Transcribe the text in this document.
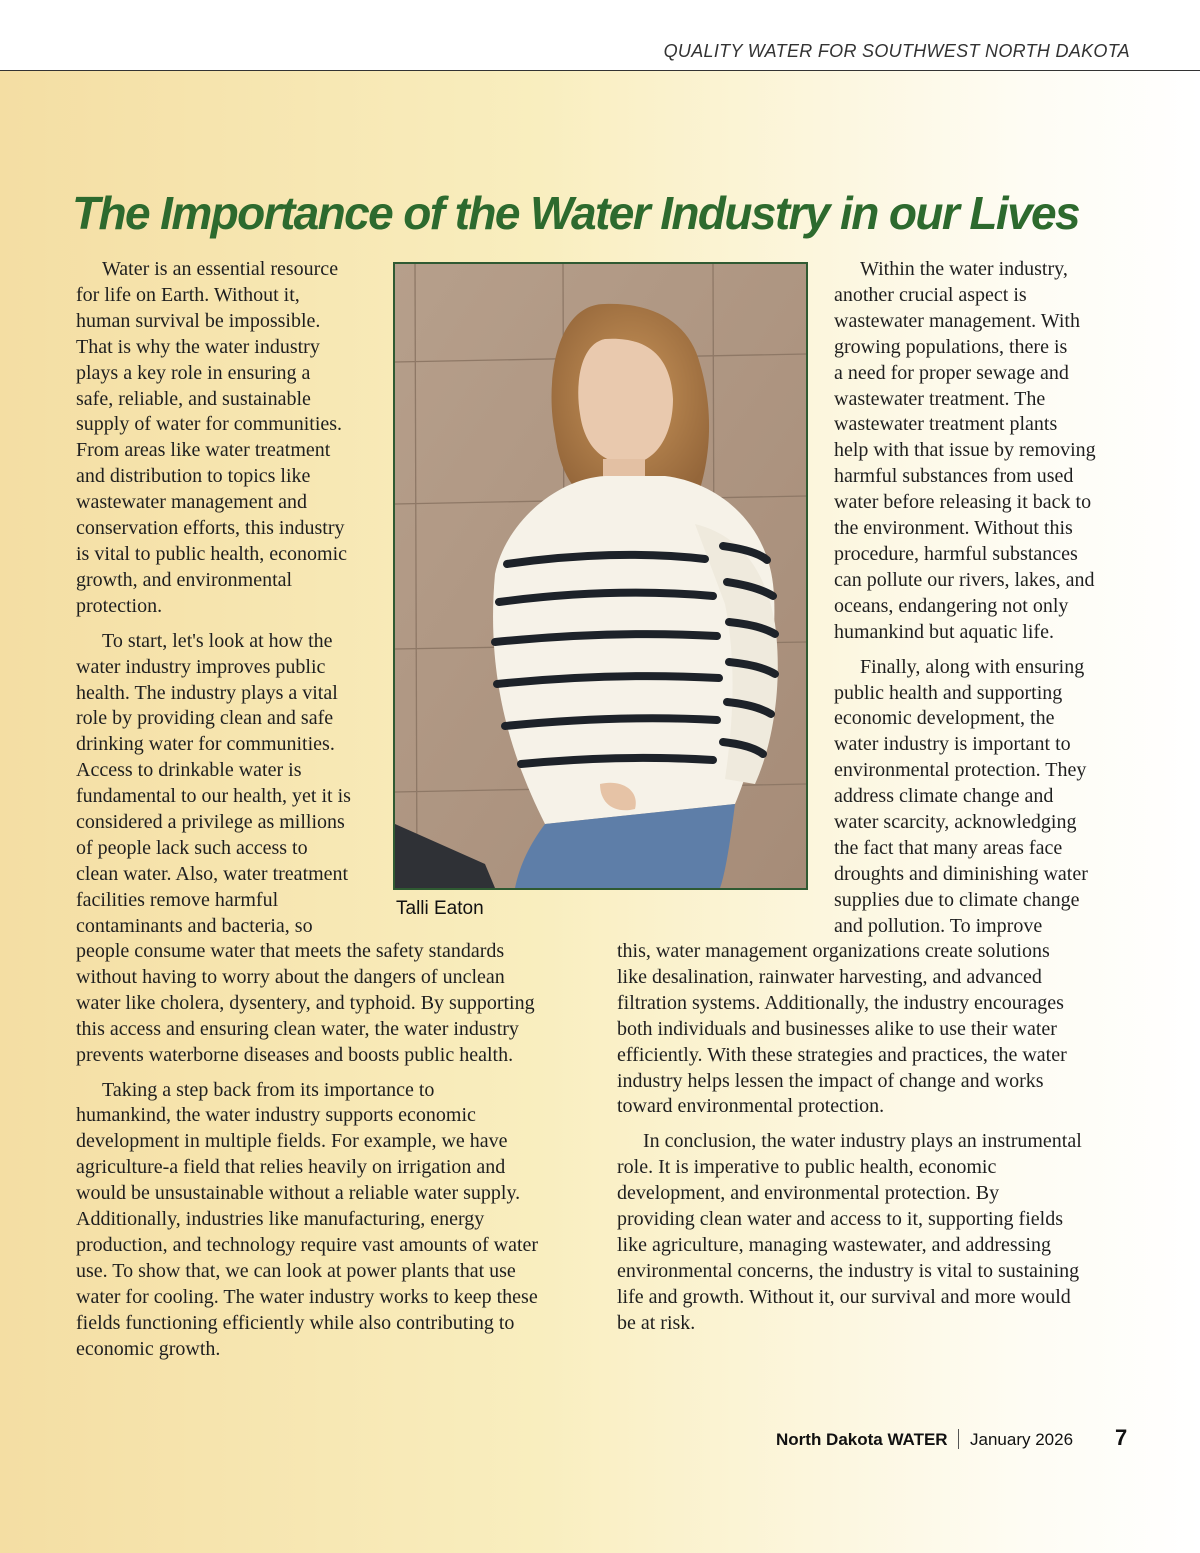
QUALITY WATER FOR SOUTHWEST NORTH DAKOTA
The Importance of the Water Industry in our Lives

Water is an essential resource
for life on Earth. Without it,
human survival be impossible.
That is why the water industry
plays a key role in ensuring a
safe, reliable, and sustainable
supply of water for communities.
From areas like water treatment
and distribution to topics like
wastewater management and
conservation efforts, this industry
is vital to public health, economic
growth, and environmental
protection.

To start, let's look at how the
water industry improves public
health. The industry plays a vital
role by providing clean and safe
drinking water for communities.
Access to drinkable water is
fundamental to our health, yet it is
considered a privilege as millions
of people lack such access to
clean water. Also, water treatment
facilities remove harmful
contaminants and bacteria, so

Talli Eaton

Within the water industry,
another crucial aspect is
wastewater management. With
growing populations, there is
a need for proper sewage and
wastewater treatment. The
wastewater treatment plants
help with that issue by removing
harmful substances from used
water before releasing it back to
the environment. Without this
procedure, harmful substances
can pollute our rivers, lakes, and
oceans, endangering not only
humankind but aquatic life.

Finally, along with ensuring
public health and supporting
economic development, the
water industry is important to
environmental protection. They
address climate change and
water scarcity, acknowledging
the fact that many areas face
droughts and diminishing water
supplies due to climate change
and pollution. To improve

people consume water that meets the safety standards
without having to worry about the dangers of unclean
water like cholera, dysentery, and typhoid. By supporting
this access and ensuring clean water, the water industry
prevents waterborne diseases and boosts public health.

Taking a step back from its importance to
humankind, the water industry supports economic
development in multiple fields. For example, we have
agriculture-a field that relies heavily on irrigation and
would be unsustainable without a reliable water supply.
Additionally, industries like manufacturing, energy
production, and technology require vast amounts of water
use. To show that, we can look at power plants that use
water for cooling. The water industry works to keep these
fields functioning efficiently while also contributing to
economic growth.

this, water management organizations create solutions
like desalination, rainwater harvesting, and advanced
filtration systems. Additionally, the industry encourages
both individuals and businesses alike to use their water
efficiently. With these strategies and practices, the water
industry helps lessen the impact of change and works
toward environmental protection.

In conclusion, the water industry plays an instrumental
role. It is imperative to public health, economic
development, and environmental protection. By
providing clean water and access to it, supporting fields
like agriculture, managing wastewater, and addressing
environmental concerns, the industry is vital to sustaining
life and growth. Without it, our survival and more would
be at risk.

North Dakota WATER January 2026 7
